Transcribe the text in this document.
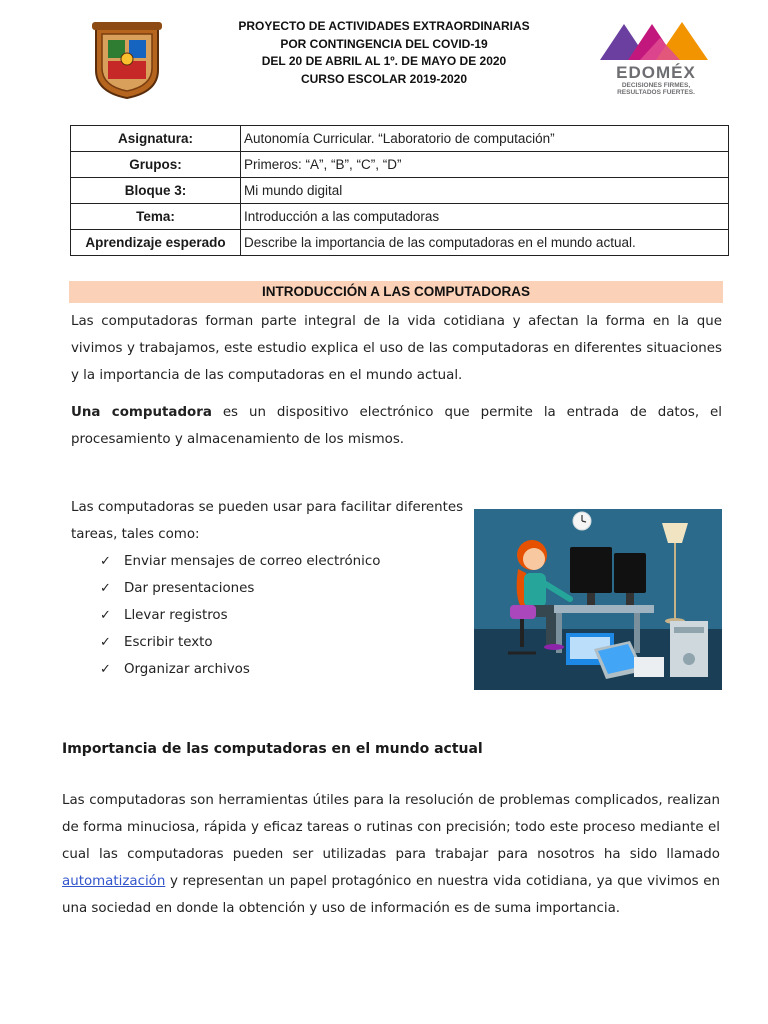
PROYECTO DE ACTIVIDADES EXTRAORDINARIAS
POR CONTINGENCIA DEL COVID-19
DEL 20 DE ABRIL AL 1º. DE MAYO DE 2020
CURSO ESCOLAR 2019-2020	EDOMÉX
DECISIONES FIRMES,
RESULTADOS FUERTES.
Asignatura:	Autonomía Curricular. “Laboratorio de computación”
Grupos:	Primeros: “A”, “B”, “C”, “D”
Bloque 3:	Mi mundo digital
Tema:	Introducción a las computadoras
Aprendizaje esperado	Describe la importancia de las computadoras en el mundo actual.
INTRODUCCIÓN A LAS COMPUTADORAS
Las computadoras forman parte integral de la vida cotidiana y afectan la forma en la que vivimos y trabajamos, este estudio explica el uso de las computadoras en diferentes situaciones y la importancia de las computadoras en el mundo actual.
Una computadora es un dispositivo electrónico que permite la entrada de datos, el procesamiento y almacenamiento de los mismos.
Las computadoras se pueden usar para facilitar diferentes tareas, tales como:
✓ Enviar mensajes de correo electrónico
✓ Dar presentaciones
✓ Llevar registros
✓ Escribir texto
✓ Organizar archivos
Importancia de las computadoras en el mundo actual
Las computadoras son herramientas útiles para la resolución de problemas complicados, realizan de forma minuciosa, rápida y eficaz tareas o rutinas con precisión; todo este proceso mediante el cual las computadoras pueden ser utilizadas para trabajar para nosotros ha sido llamado automatización y representan un papel protagónico en nuestra vida cotidiana, ya que vivimos en una sociedad en donde la obtención y uso de información es de suma importancia.
